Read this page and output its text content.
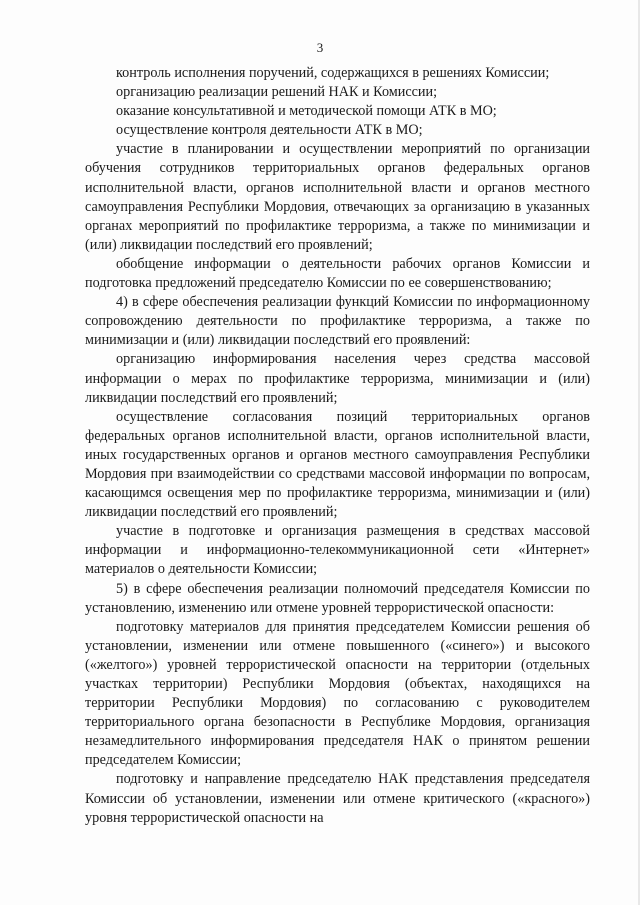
3

контроль исполнения поручений, содержащихся в решениях Комиссии;

организацию реализации решений НАК и Комиссии;

оказание консультативной и методической помощи АТК в МО;

осуществление контроля деятельности АТК в МО;

участие в планировании и осуществлении мероприятий по организации обучения сотрудников территориальных органов федеральных органов исполнительной власти, органов исполнительной власти и органов местного самоуправления Республики Мордовия, отвечающих за организацию в указанных органах мероприятий по профилактике терроризма, а также по минимизации и (или) ликвидации последствий его проявлений;

обобщение информации о деятельности рабочих органов Комиссии и подготовка предложений председателю Комиссии по ее совершенствованию;

4) в сфере обеспечения реализации функций Комиссии по информационному сопровождению деятельности по профилактике терроризма, а также по минимизации и (или) ликвидации последствий его проявлений:

организацию информирования населения через средства массовой информации о мерах по профилактике терроризма, минимизации и (или) ликвидации последствий его проявлений;

осуществление согласования позиций территориальных органов федеральных органов исполнительной власти, органов исполнительной власти, иных государственных органов и органов местного самоуправления Республики Мордовия при взаимодействии со средствами массовой информации по вопросам, касающимся освещения мер по профилактике терроризма, минимизации и (или) ликвидации последствий его проявлений;

участие в подготовке и организация размещения в средствах массовой информации и информационно-телекоммуникационной сети «Интернет» материалов о деятельности Комиссии;

5) в сфере обеспечения реализации полномочий председателя Комиссии по установлению, изменению или отмене уровней террористической опасности:

подготовку материалов для принятия председателем Комиссии решения об установлении, изменении или отмене повышенного («синего») и высокого («желтого») уровней террористической опасности на территории (отдельных участках территории) Республики Мордовия (объектах, находящихся на территории Республики Мордовия) по согласованию с руководителем территориального органа безопасности в Республике Мордовия, организация незамедлительного информирования председателя НАК о принятом решении председателем Комиссии;

подготовку и направление председателю НАК представления председателя Комиссии об установлении, изменении или отмене критического («красного») уровня террористической опасности на
